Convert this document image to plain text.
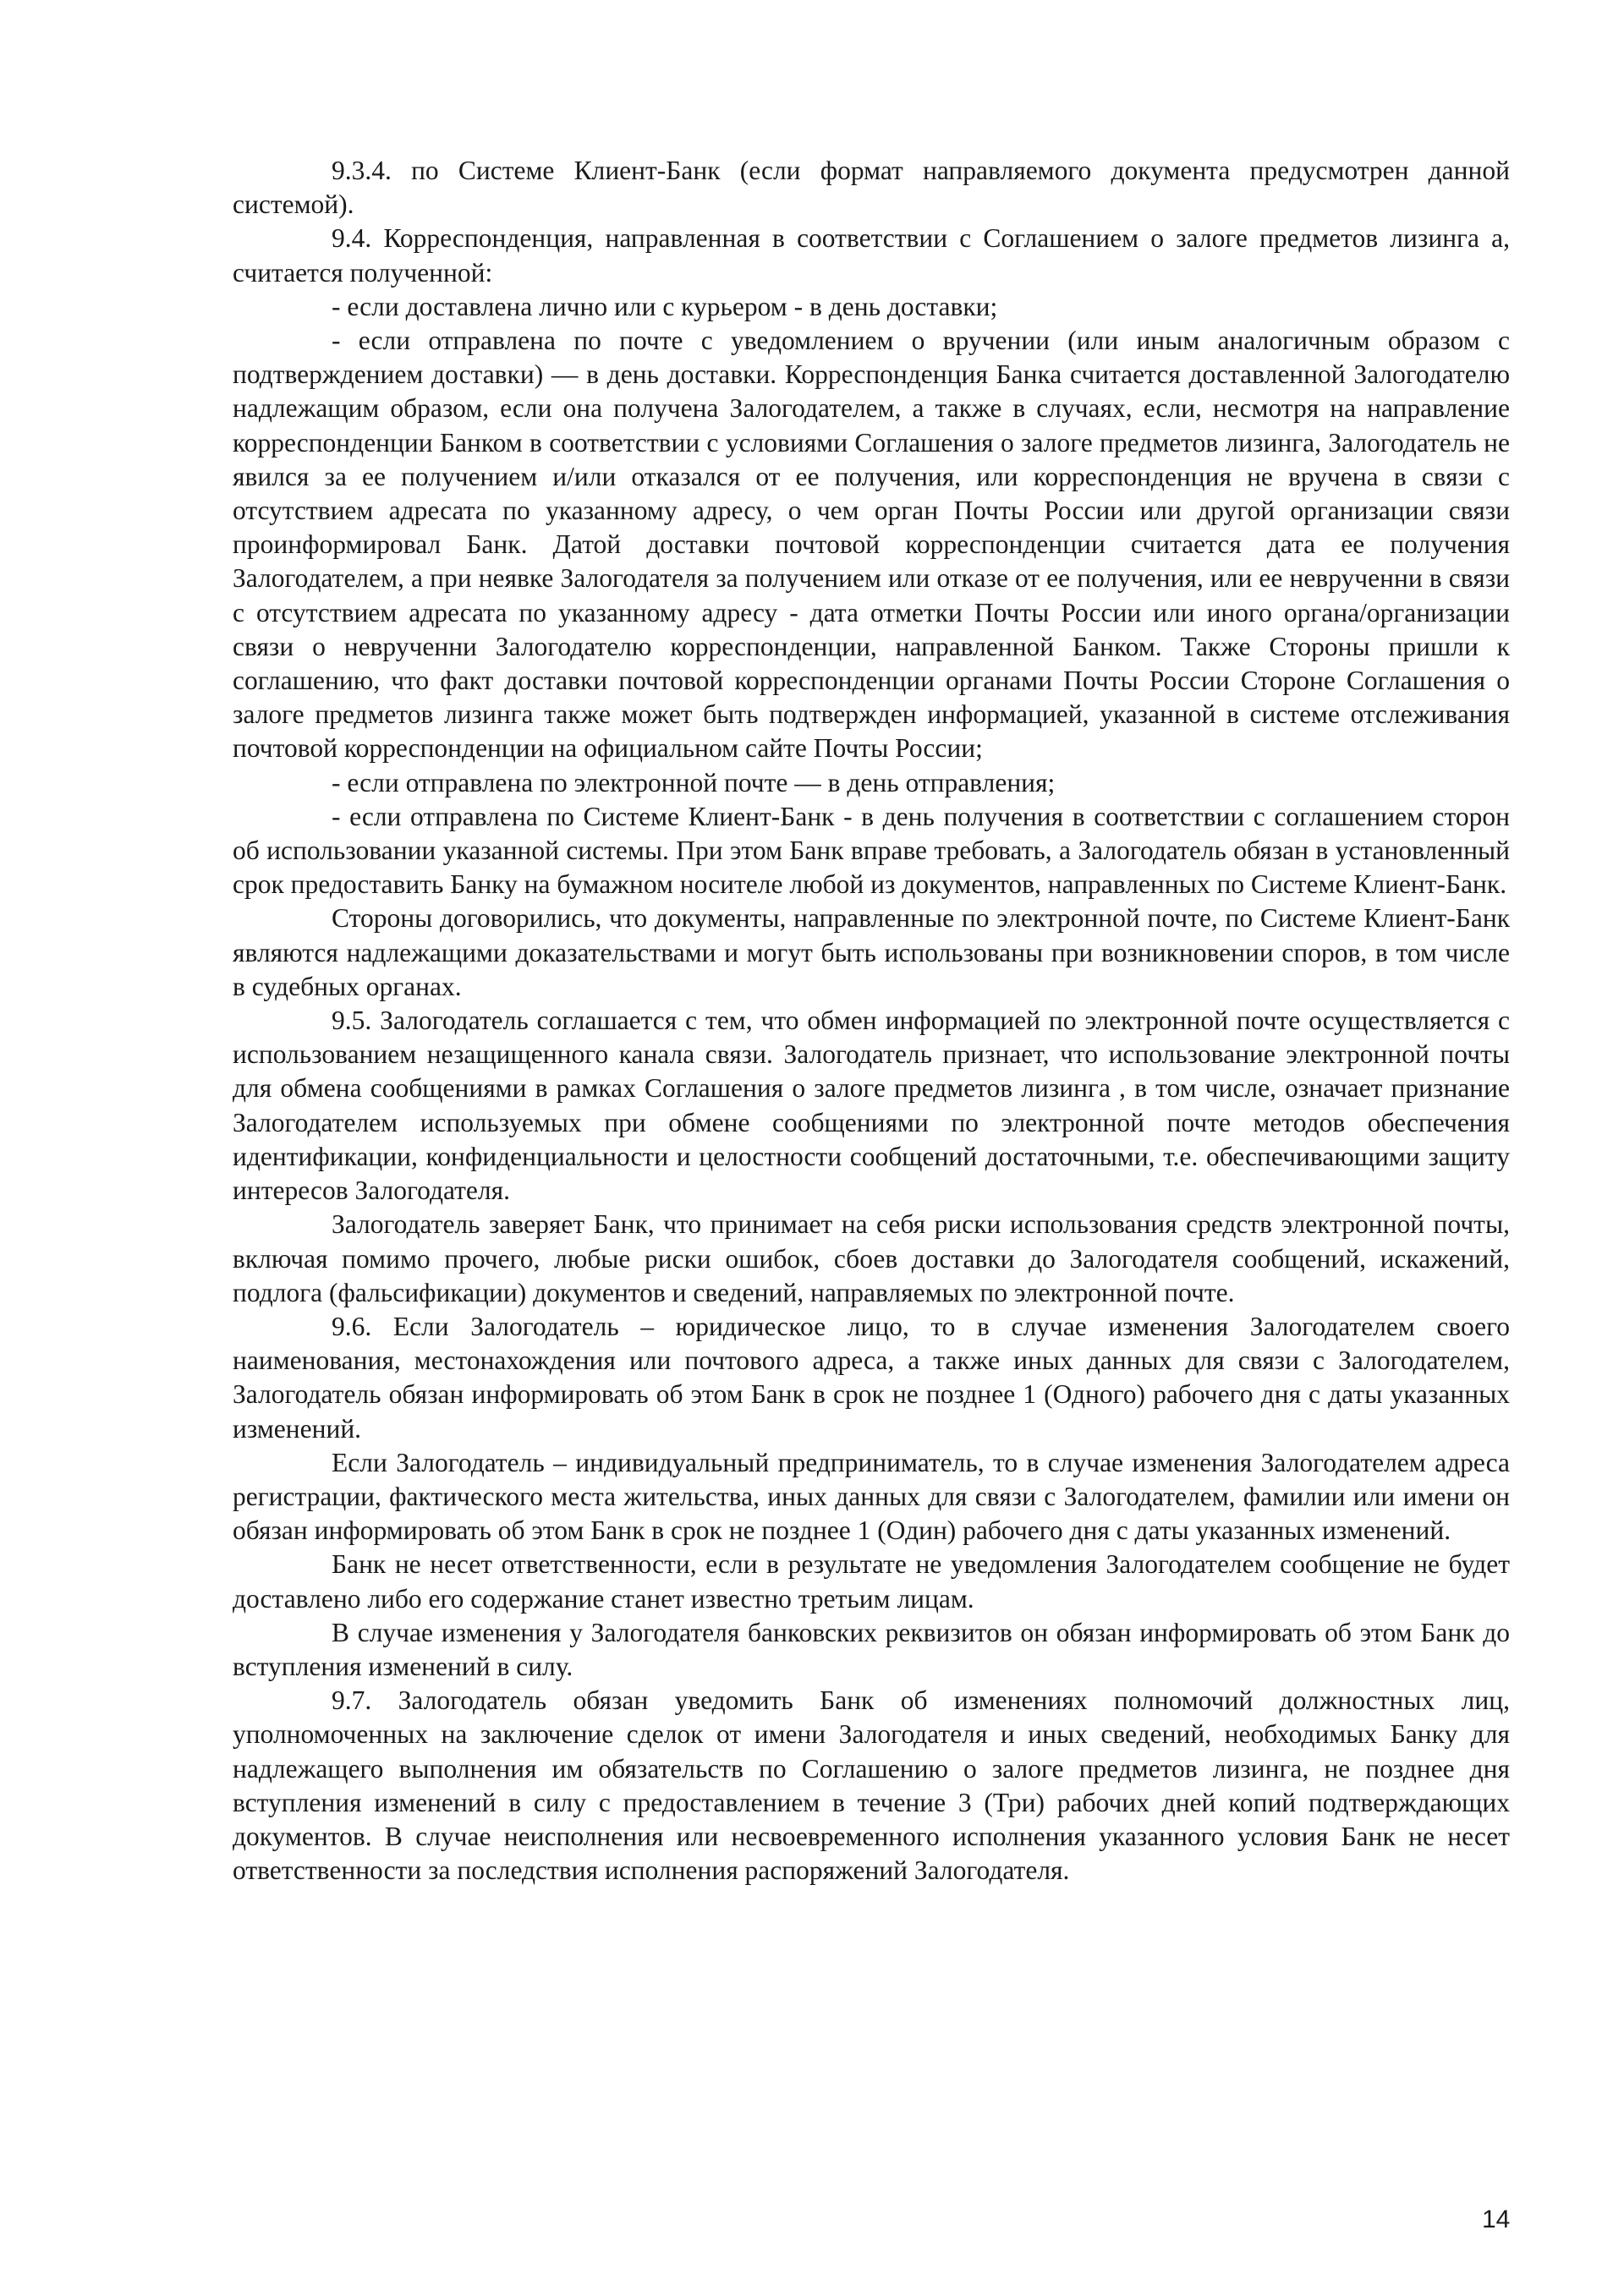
9.3.4. по Системе Клиент-Банк (если формат направляемого документа предусмотрен данной системой).

9.4. Корреспонденция, направленная в соответствии с Соглашением о залоге предметов лизинга а, считается полученной:

- если доставлена лично или с курьером - в день доставки;

- если отправлена по почте с уведомлением о вручении (или иным аналогичным образом с подтверждением доставки) — в день доставки. Корреспонденция Банка считается доставленной Залогодателю надлежащим образом, если она получена Залогодателем, а также в случаях, если, несмотря на направление корреспонденции Банком в соответствии с условиями Соглашения о залоге предметов лизинга, Залогодатель не явился за ее получением и/или отказался от ее получения, или корреспонденция не вручена в связи с отсутствием адресата по указанному адресу, о чем орган Почты России или другой организации связи проинформировал Банк. Датой доставки почтовой корреспонденции считается дата ее получения Залогодателем, а при неявке Залогодателя за получением или отказе от ее получения, или ее неврученни в связи с отсутствием адресата по указанному адресу - дата отметки Почты России или иного органа/организации связи о неврученни Залогодателю корреспонденции, направленной Банком. Также Стороны пришли к соглашению, что факт доставки почтовой корреспонденции органами Почты России Стороне Соглашения о залоге предметов лизинга также может быть подтвержден информацией, указанной в системе отслеживания почтовой корреспонденции на официальном сайте Почты России;

- если отправлена по электронной почте — в день отправления;

- если отправлена по Системе Клиент-Банк - в день получения в соответствии с соглашением сторон об использовании указанной системы. При этом Банк вправе требовать, а Залогодатель обязан в установленный срок предоставить Банку на бумажном носителе любой из документов, направленных по Системе Клиент-Банк.

Стороны договорились, что документы, направленные по электронной почте, по Системе Клиент-Банк являются надлежащими доказательствами и могут быть использованы при возникновении споров, в том числе в судебных органах.

9.5. Залогодатель соглашается с тем, что обмен информацией по электронной почте осуществляется с использованием незащищенного канала связи. Залогодатель признает, что использование электронной почты для обмена сообщениями в рамках Соглашения о залоге предметов лизинга , в том числе, означает признание Залогодателем используемых при обмене сообщениями по электронной почте методов обеспечения идентификации, конфиденциальности и целостности сообщений достаточными, т.е. обеспечивающими защиту интересов Залогодателя.

Залогодатель заверяет Банк, что принимает на себя риски использования средств электронной почты, включая помимо прочего, любые риски ошибок, сбоев доставки до Залогодателя сообщений, искажений, подлога (фальсификации) документов и сведений, направляемых по электронной почте.

9.6. Если Залогодатель – юридическое лицо, то в случае изменения Залогодателем своего наименования, местонахождения или почтового адреса, а также иных данных для связи с Залогодателем, Залогодатель обязан информировать об этом Банк в срок не позднее 1 (Одного) рабочего дня с даты указанных изменений.

Если Залогодатель – индивидуальный предприниматель, то в случае изменения Залогодателем адреса регистрации, фактического места жительства, иных данных для связи с Залогодателем, фамилии или имени он обязан информировать об этом Банк в срок не позднее 1 (Один) рабочего дня с даты указанных изменений.

Банк не несет ответственности, если в результате не уведомления Залогодателем сообщение не будет доставлено либо его содержание станет известно третьим лицам.

В случае изменения у Залогодателя банковских реквизитов он обязан информировать об этом Банк до вступления изменений в силу.

9.7. Залогодатель обязан уведомить Банк об изменениях полномочий должностных лиц, уполномоченных на заключение сделок от имени Залогодателя и иных сведений, необходимых Банку для надлежащего выполнения им обязательств по Соглашению о залоге предметов лизинга, не позднее дня вступления изменений в силу с предоставлением в течение 3 (Три) рабочих дней копий подтверждающих документов. В случае неисполнения или несвоевременного исполнения указанного условия Банк не несет ответственности за последствия исполнения распоряжений Залогодателя.

14
